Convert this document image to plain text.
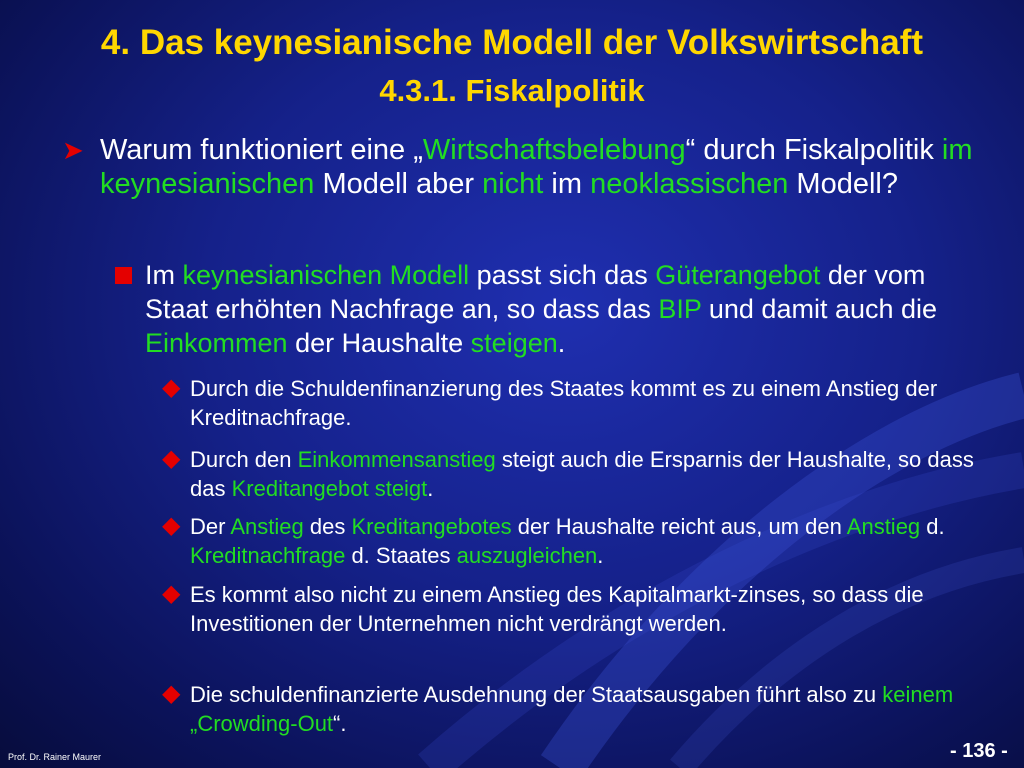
4. Das keynesianische Modell der Volkswirtschaft
4.3.1. Fiskalpolitik
➤ Warum funktioniert eine „Wirtschaftsbelebung“ durch Fiskalpolitik im keynesianischen Modell aber nicht im neoklassischen Modell?
Im keynesianischen Modell passt sich das Güterangebot der vom Staat erhöhten Nachfrage an, so dass das BIP und damit auch die Einkommen der Haushalte steigen.
◆ Durch die Schuldenfinanzierung des Staates kommt es zu einem Anstieg der Kreditnachfrage.
◆ Durch den Einkommensanstieg steigt auch die Ersparnis der Haushalte, so dass das Kreditangebot steigt.
◆ Der Anstieg des Kreditangebotes der Haushalte reicht aus, um den Anstieg d. Kreditnachfrage d. Staates auszugleichen.
◆ Es kommt also nicht zu einem Anstieg des Kapitalmarkt-zinses, so dass die Investitionen der Unternehmen nicht verdrängt werden.
◆ Die schuldenfinanzierte Ausdehnung der Staatsausgaben führt also zu keinem „Crowding-Out“.
Prof. Dr. Rainer Maurer	- 136 -
